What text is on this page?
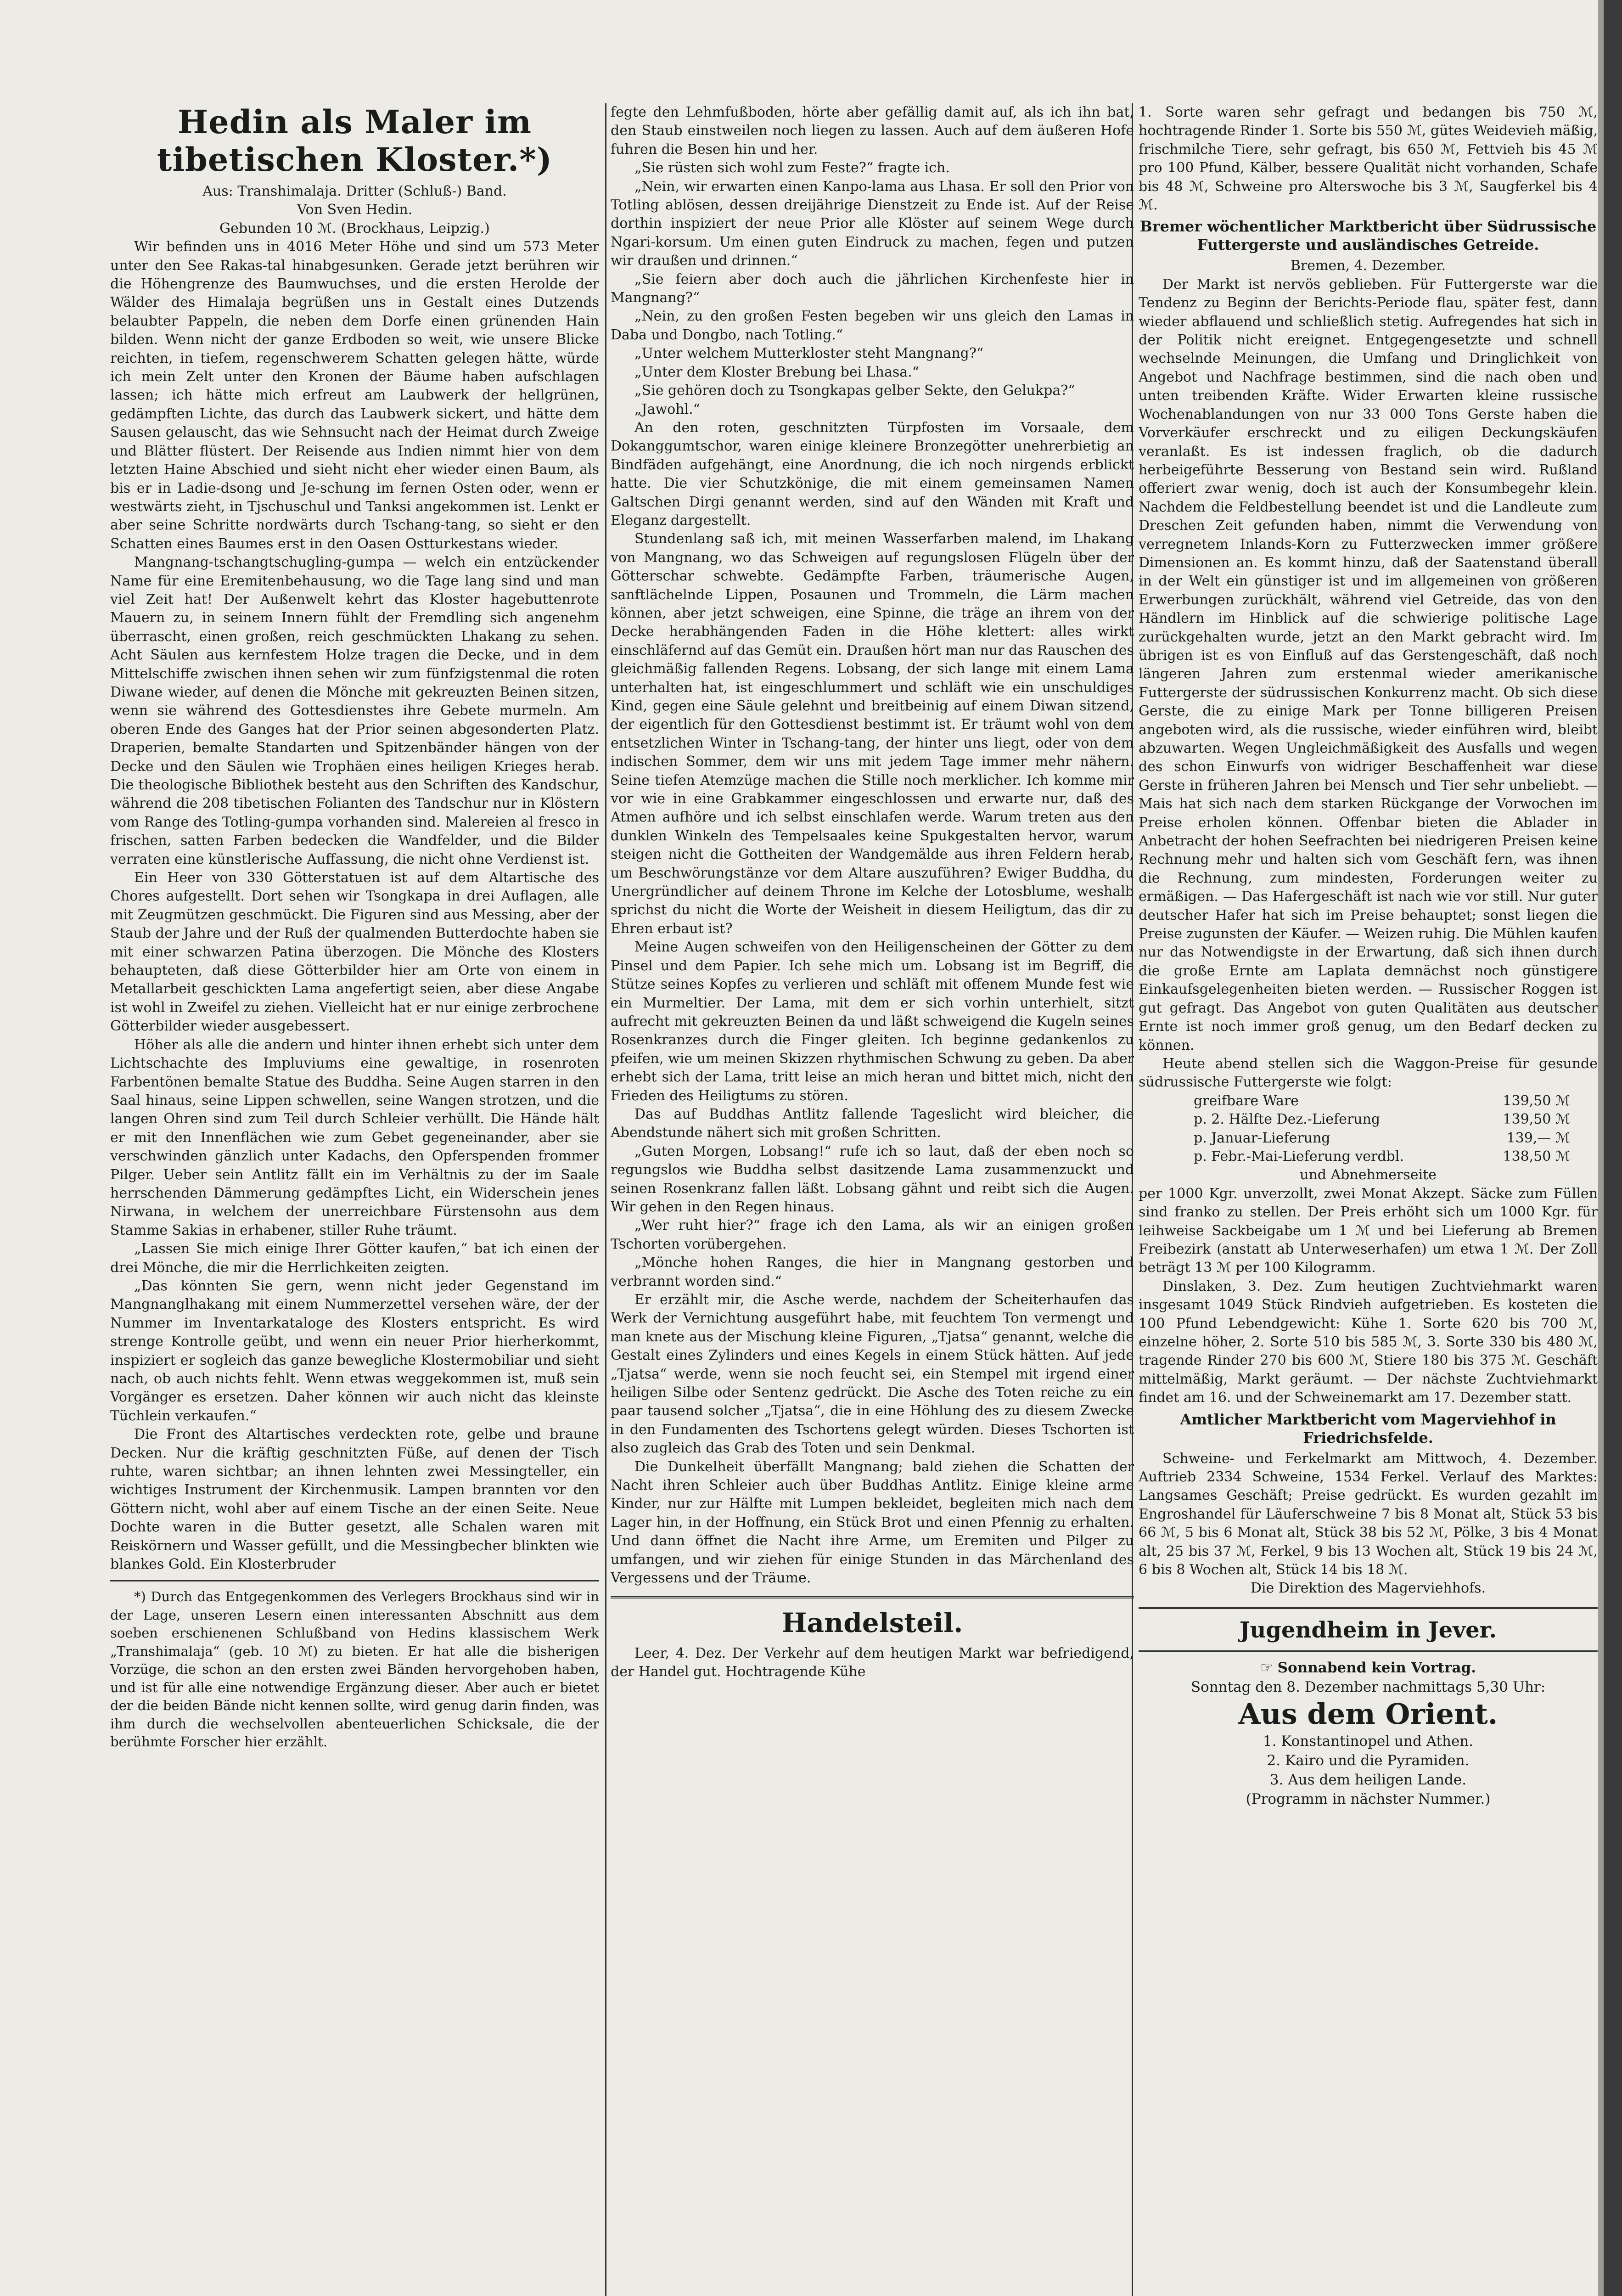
Hedin als Maler im tibetischen Kloster.*)

Aus: Transhimalaja. Dritter (Schluß-) Band.

Von Sven Hedin.

Gebunden 10 ℳ. (Brockhaus, Leipzig.)

Wir befinden uns in 4016 Meter Höhe und sind um 573 Meter unter den See Rakas-tal hinabgesunken. Gerade jetzt berühren wir die Höhengrenze des Baumwuchses, und die ersten Herolde der Wälder des Himalaja begrüßen uns in Gestalt eines Dutzends belaubter Pappeln, die neben dem Dorfe einen grünenden Hain bilden. Wenn nicht der ganze Erdboden so weit, wie unsere Blicke reichten, in tiefem, regenschwerem Schatten gelegen hätte, würde ich mein Zelt unter den Kronen der Bäume haben aufschlagen lassen; ich hätte mich erfreut am Laubwerk der hellgrünen, gedämpften Lichte, das durch das Laubwerk sickert, und hätte dem Sausen gelauscht, das wie Sehnsucht nach der Heimat durch Zweige und Blätter flüstert. Der Reisende aus Indien nimmt hier von dem letzten Haine Abschied und sieht nicht eher wieder einen Baum, als bis er in Ladie-dsong und Je-schung im fernen Osten oder, wenn er westwärts zieht, in Tjschuschul und Tanksi angekommen ist. Lenkt er aber seine Schritte nordwärts durch Tschang-tang, so sieht er den Schatten eines Baumes erst in den Oasen Ostturkestans wieder.

Mangnang-tschangtschugling-gumpa — welch ein entzückender Name für eine Eremitenbehausung, wo die Tage lang sind und man viel Zeit hat! Der Außenwelt kehrt das Kloster hagebuttenrote Mauern zu, in seinem Innern fühlt der Fremdling sich angenehm überrascht, einen großen, reich geschmückten Lhakang zu sehen. Acht Säulen aus kernfestem Holze tragen die Decke, und in dem Mittelschiffe zwischen ihnen sehen wir zum fünfzigstenmal die roten Diwane wieder, auf denen die Mönche mit gekreuzten Beinen sitzen, wenn sie während des Gottesdienstes ihre Gebete murmeln. Am oberen Ende des Ganges hat der Prior seinen abgesonderten Platz. Draperien, bemalte Standarten und Spitzenbänder hängen von der Decke und den Säulen wie Trophäen eines heiligen Krieges herab. Die theologische Bibliothek besteht aus den Schriften des Kandschur, während die 208 tibetischen Folianten des Tandschur nur in Klöstern vom Range des Totling-gumpa vorhanden sind. Malereien al fresco in frischen, satten Farben bedecken die Wandfelder, und die Bilder verraten eine künstlerische Auffassung, die nicht ohne Verdienst ist.

Ein Heer von 330 Götterstatuen ist auf dem Altartische des Chores aufgestellt. Dort sehen wir Tsongkapa in drei Auflagen, alle mit Zeugmützen geschmückt. Die Figuren sind aus Messing, aber der Staub der Jahre und der Ruß der qualmenden Butterdochte haben sie mit einer schwarzen Patina überzogen. Die Mönche des Klosters behaupteten, daß diese Götterbilder hier am Orte von einem in Metallarbeit geschickten Lama angefertigt seien, aber diese Angabe ist wohl in Zweifel zu ziehen. Vielleicht hat er nur einige zerbrochene Götterbilder wieder ausgebessert.

Höher als alle die andern und hinter ihnen erhebt sich unter dem Lichtschachte des Impluviums eine gewaltige, in rosenroten Farbentönen bemalte Statue des Buddha. Seine Augen starren in den Saal hinaus, seine Lippen schwellen, seine Wangen strotzen, und die langen Ohren sind zum Teil durch Schleier verhüllt. Die Hände hält er mit den Innenflächen wie zum Gebet gegeneinander, aber sie verschwinden gänzlich unter Kadachs, den Opferspenden frommer Pilger. Ueber sein Antlitz fällt ein im Verhältnis zu der im Saale herrschenden Dämmerung gedämpftes Licht, ein Widerschein jenes Nirwana, in welchem der unerreichbare Fürstensohn aus dem Stamme Sakias in erhabener, stiller Ruhe träumt.

„Lassen Sie mich einige Ihrer Götter kaufen,“ bat ich einen der drei Mönche, die mir die Herrlichkeiten zeigten.

„Das könnten Sie gern, wenn nicht jeder Gegenstand im Mangnanglhakang mit einem Nummerzettel versehen wäre, der der Nummer im Inventarkataloge des Klosters entspricht. Es wird strenge Kontrolle geübt, und wenn ein neuer Prior hierherkommt, inspiziert er sogleich das ganze bewegliche Klostermobiliar und sieht nach, ob auch nichts fehlt. Wenn etwas weggekommen ist, muß sein Vorgänger es ersetzen. Daher können wir auch nicht das kleinste Tüchlein verkaufen.“

Die Front des Altartisches verdeckten rote, gelbe und braune Decken. Nur die kräftig geschnitzten Füße, auf denen der Tisch ruhte, waren sichtbar; an ihnen lehnten zwei Messingteller, ein wichtiges Instrument der Kirchenmusik. Lampen brannten vor den Göttern nicht, wohl aber auf einem Tische an der einen Seite. Neue Dochte waren in die Butter gesetzt, alle Schalen waren mit Reiskörnern und Wasser gefüllt, und die Messingbecher blinkten wie blankes Gold. Ein Klosterbruder

*) Durch das Entgegenkommen des Verlegers Brockhaus sind wir in der Lage, unseren Lesern einen interessanten Abschnitt aus dem soeben erschienenen Schlußband von Hedins klassischem Werk „Transhimalaja“ (geb. 10 ℳ) zu bieten. Er hat alle die bisherigen Vorzüge, die schon an den ersten zwei Bänden hervorgehoben haben, und ist für alle eine notwendige Ergänzung dieser. Aber auch er bietet der die beiden Bände nicht kennen sollte, wird genug darin finden, was ihm durch die wechselvollen abenteuerlichen Schicksale, die der berühmte Forscher hier erzählt.

fegte den Lehmfußboden, hörte aber gefällig damit auf, als ich ihn bat, den Staub einstweilen noch liegen zu lassen. Auch auf dem äußeren Hofe fuhren die Besen hin und her.

„Sie rüsten sich wohl zum Feste?“ fragte ich.

„Nein, wir erwarten einen Kanpo-lama aus Lhasa. Er soll den Prior von Totling ablösen, dessen dreijährige Dienstzeit zu Ende ist. Auf der Reise dorthin inspiziert der neue Prior alle Klöster auf seinem Wege durch Ngari-korsum. Um einen guten Eindruck zu machen, fegen und putzen wir draußen und drinnen.“

„Sie feiern aber doch auch die jährlichen Kirchenfeste hier in Mangnang?“

„Nein, zu den großen Festen begeben wir uns gleich den Lamas in Daba und Dongbo, nach Totling.“

„Unter welchem Mutterkloster steht Mangnang?“

„Unter dem Kloster Brebung bei Lhasa.“

„Sie gehören doch zu Tsongkapas gelber Sekte, den Gelukpa?“

„Jawohl.“

An den roten, geschnitzten Türpfosten im Vorsaale, dem Dokanggumtschor, waren einige kleinere Bronzegötter unehrerbietig an Bindfäden aufgehängt, eine Anordnung, die ich noch nirgends erblickt hatte. Die vier Schutzkönige, die mit einem gemeinsamen Namen Galtschen Dirgi genannt werden, sind auf den Wänden mit Kraft und Eleganz dargestellt.

Stundenlang saß ich, mit meinen Wasserfarben malend, im Lhakang von Mangnang, wo das Schweigen auf regungslosen Flügeln über der Götterschar schwebte. Gedämpfte Farben, träumerische Augen, sanftlächelnde Lippen, Posaunen und Trommeln, die Lärm machen können, aber jetzt schweigen, eine Spinne, die träge an ihrem von der Decke herabhängenden Faden in die Höhe klettert: alles wirkt einschläfernd auf das Gemüt ein. Draußen hört man nur das Rauschen des gleichmäßig fallenden Regens. Lobsang, der sich lange mit einem Lama unterhalten hat, ist eingeschlummert und schläft wie ein unschuldiges Kind, gegen eine Säule gelehnt und breitbeinig auf einem Diwan sitzend, der eigentlich für den Gottesdienst bestimmt ist. Er träumt wohl von dem entsetzlichen Winter in Tschang-tang, der hinter uns liegt, oder von dem indischen Sommer, dem wir uns mit jedem Tage immer mehr nähern. Seine tiefen Atemzüge machen die Stille noch merklicher. Ich komme mir vor wie in eine Grabkammer eingeschlossen und erwarte nur, daß des Atmen aufhöre und ich selbst einschlafen werde. Warum treten aus den dunklen Winkeln des Tempelsaales keine Spukgestalten hervor, warum steigen nicht die Gottheiten der Wandgemälde aus ihren Feldern herab, um Beschwörungstänze vor dem Altare auszuführen? Ewiger Buddha, du Unergründlicher auf deinem Throne im Kelche der Lotosblume, weshalb sprichst du nicht die Worte der Weisheit in diesem Heiligtum, das dir zu Ehren erbaut ist?

Meine Augen schweifen von den Heiligenscheinen der Götter zu dem Pinsel und dem Papier. Ich sehe mich um. Lobsang ist im Begriff, die Stütze seines Kopfes zu verlieren und schläft mit offenem Munde fest wie ein Murmeltier. Der Lama, mit dem er sich vorhin unterhielt, sitzt aufrecht mit gekreuzten Beinen da und läßt schweigend die Kugeln seines Rosenkranzes durch die Finger gleiten. Ich beginne gedankenlos zu pfeifen, wie um meinen Skizzen rhythmischen Schwung zu geben. Da aber erhebt sich der Lama, tritt leise an mich heran und bittet mich, nicht den Frieden des Heiligtums zu stören.

Das auf Buddhas Antlitz fallende Tageslicht wird bleicher, die Abendstunde nähert sich mit großen Schritten.

„Guten Morgen, Lobsang!“ rufe ich so laut, daß der eben noch so regungslos wie Buddha selbst dasitzende Lama zusammenzuckt und seinen Rosenkranz fallen läßt. Lobsang gähnt und reibt sich die Augen. Wir gehen in den Regen hinaus.

„Wer ruht hier?“ frage ich den Lama, als wir an einigen großen Tschorten vorübergehen.

„Mönche hohen Ranges, die hier in Mangnang gestorben und verbrannt worden sind.“

Er erzählt mir, die Asche werde, nachdem der Scheiterhaufen das Werk der Vernichtung ausgeführt habe, mit feuchtem Ton vermengt und man knete aus der Mischung kleine Figuren, „Tjatsa“ genannt, welche die Gestalt eines Zylinders und eines Kegels in einem Stück hätten. Auf jede „Tjatsa“ werde, wenn sie noch feucht sei, ein Stempel mit irgend einer heiligen Silbe oder Sentenz gedrückt. Die Asche des Toten reiche zu ein paar tausend solcher „Tjatsa“, die in eine Höhlung des zu diesem Zwecke in den Fundamenten des Tschortens gelegt würden. Dieses Tschorten ist also zugleich das Grab des Toten und sein Denkmal.

Die Dunkelheit überfällt Mangnang; bald ziehen die Schatten der Nacht ihren Schleier auch über Buddhas Antlitz. Einige kleine arme Kinder, nur zur Hälfte mit Lumpen bekleidet, begleiten mich nach dem Lager hin, in der Hoffnung, ein Stück Brot und einen Pfennig zu erhalten. Und dann öffnet die Nacht ihre Arme, um Eremiten und Pilger zu umfangen, und wir ziehen für einige Stunden in das Märchenland des Vergessens und der Träume.

Handelsteil.

Leer, 4. Dez. Der Verkehr auf dem heutigen Markt war befriedigend, der Handel gut. Hochtragende Kühe

1. Sorte waren sehr gefragt und bedangen bis 750 ℳ, hochtragende Rinder 1. Sorte bis 550 ℳ, gütes Weidevieh mäßig, frischmilche Tiere, sehr gefragt, bis 650 ℳ, Fettvieh bis 45 ℳ pro 100 Pfund, Kälber, bessere Qualität nicht vorhanden, Schafe bis 48 ℳ, Schweine pro Alterswoche bis 3 ℳ, Saugferkel bis 4 ℳ.

Bremer wöchentlicher Marktbericht über Südrussische Futtergerste und ausländisches Getreide.

Bremen, 4. Dezember.

Der Markt ist nervös geblieben. Für Futtergerste war die Tendenz zu Beginn der Berichts-Periode flau, später fest, dann wieder abflauend und schließlich stetig. Aufregendes hat sich in der Politik nicht ereignet. Entgegengesetzte und schnell wechselnde Meinungen, die Umfang und Dringlichkeit von Angebot und Nachfrage bestimmen, sind die nach oben und unten treibenden Kräfte. Wider Erwarten kleine russische Wochenablandungen von nur 33 000 Tons Gerste haben die Vorverkäufer erschreckt und zu eiligen Deckungskäufen veranlaßt. Es ist indessen fraglich, ob die dadurch herbeigeführte Besserung von Bestand sein wird. Rußland offeriert zwar wenig, doch ist auch der Konsumbegehr klein. Nachdem die Feldbestellung beendet ist und die Landleute zum Dreschen Zeit gefunden haben, nimmt die Verwendung von verregnetem Inlands-Korn zu Futterzwecken immer größere Dimensionen an. Es kommt hinzu, daß der Saatenstand überall in der Welt ein günstiger ist und im allgemeinen von größeren Erwerbungen zurückhält, während viel Getreide, das von den Händlern im Hinblick auf die schwierige politische Lage zurückgehalten wurde, jetzt an den Markt gebracht wird. Im übrigen ist es von Einfluß auf das Gerstengeschäft, daß noch längeren Jahren zum erstenmal wieder amerikanische Futtergerste der südrussischen Konkurrenz macht. Ob sich diese Gerste, die zu einige Mark per Tonne billigeren Preisen angeboten wird, als die russische, wieder einführen wird, bleibt abzuwarten. Wegen Ungleichmäßigkeit des Ausfalls und wegen des schon Einwurfs von widriger Beschaffenheit war diese Gerste in früheren Jahren bei Mensch und Tier sehr unbeliebt. — Mais hat sich nach dem starken Rückgange der Vorwochen im Preise erholen können. Offenbar bieten die Ablader in Anbetracht der hohen Seefrachten bei niedrigeren Preisen keine Rechnung mehr und halten sich vom Geschäft fern, was ihnen die Rechnung, zum mindesten, Forderungen weiter zu ermäßigen. — Das Hafergeschäft ist nach wie vor still. Nur guter deutscher Hafer hat sich im Preise behauptet; sonst liegen die Preise zugunsten der Käufer. — Weizen ruhig. Die Mühlen kaufen nur das Notwendigste in der Erwartung, daß sich ihnen durch die große Ernte am Laplata demnächst noch günstigere Einkaufsgelegenheiten bieten werden. — Russischer Roggen ist gut gefragt. Das Angebot von guten Qualitäten aus deutscher Ernte ist noch immer groß genug, um den Bedarf decken zu können.

Heute abend stellen sich die Waggon-Preise für gesunde südrussische Futtergerste wie folgt:

greifbare Ware	139,50 ℳ
p. 2. Hälfte Dez.-Lieferung	139,50 ℳ
p. Januar-Lieferung	139,— ℳ
p. Febr.-Mai-Lieferung verdbl.	138,50 ℳ

und Abnehmerseite

per 1000 Kgr. unverzollt, zwei Monat Akzept. Säcke zum Füllen sind franko zu stellen. Der Preis erhöht sich um 1000 Kgr. für leihweise Sackbeigabe um 1 ℳ und bei Lieferung ab Bremen Freibezirk (anstatt ab Unterweserhafen) um etwa 1 ℳ. Der Zoll beträgt 13 ℳ per 100 Kilogramm.

Dinslaken, 3. Dez. Zum heutigen Zuchtviehmarkt waren insgesamt 1049 Stück Rindvieh aufgetrieben. Es kosteten die 100 Pfund Lebendgewicht: Kühe 1. Sorte 620 bis 700 ℳ, einzelne höher, 2. Sorte 510 bis 585 ℳ, 3. Sorte 330 bis 480 ℳ, tragende Rinder 270 bis 600 ℳ, Stiere 180 bis 375 ℳ. Geschäft mittelmäßig, Markt geräumt. — Der nächste Zuchtviehmarkt findet am 16. und der Schweinemarkt am 17. Dezember statt.

Amtlicher Marktbericht vom Magerviehhof in Friedrichsfelde.

Schweine- und Ferkelmarkt am Mittwoch, 4. Dezember. Auftrieb 2334 Schweine, 1534 Ferkel. Verlauf des Marktes: Langsames Geschäft; Preise gedrückt. Es wurden gezahlt im Engroshandel für Läuferschweine 7 bis 8 Monat alt, Stück 53 bis 66 ℳ, 5 bis 6 Monat alt, Stück 38 bis 52 ℳ, Pölke, 3 bis 4 Monat alt, 25 bis 37 ℳ, Ferkel, 9 bis 13 Wochen alt, Stück 19 bis 24 ℳ, 6 bis 8 Wochen alt, Stück 14 bis 18 ℳ.

Die Direktion des Magerviehhofs.

Jugendheim in Jever.
☞ Sonnabend kein Vortrag.
Sonntag den 8. Dezember nachmittags 5,30 Uhr:
Aus dem Orient.
1. Konstantinopel und Athen.
2. Kairo und die Pyramiden.
3. Aus dem heiligen Lande.
(Programm in nächster Nummer.)
